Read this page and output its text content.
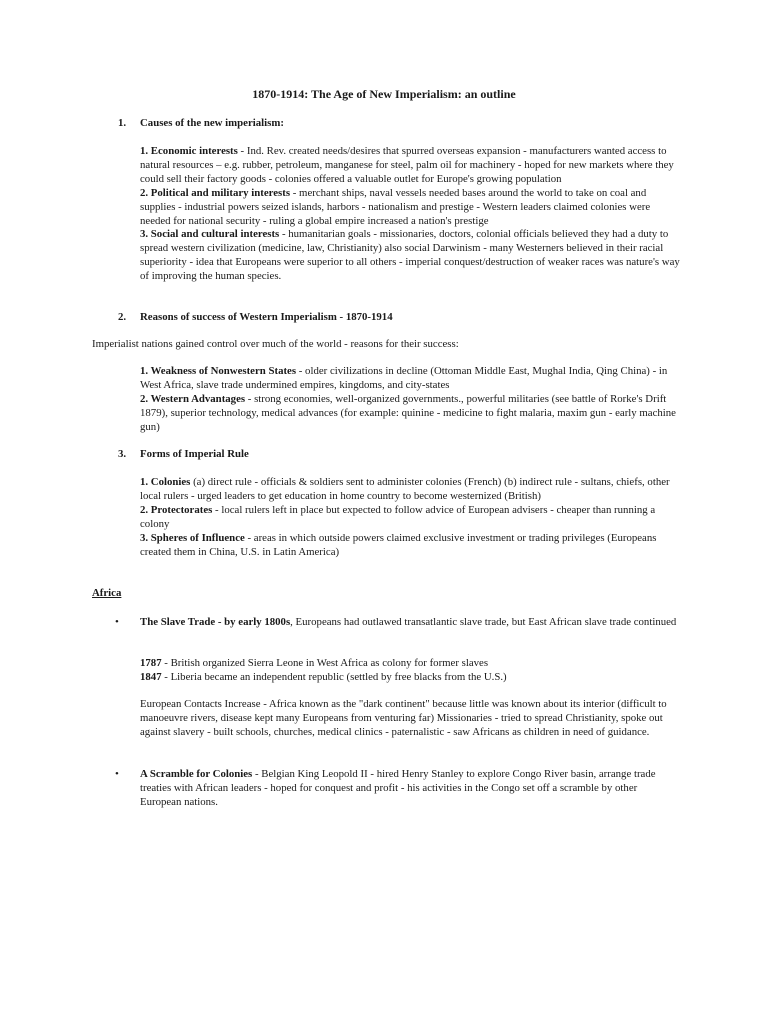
1870-1914: The Age of New Imperialism: an outline
1. Causes of the new imperialism:

1. Economic interests - Ind. Rev. created needs/desires that spurred overseas expansion - manufacturers wanted access to natural resources – e.g. rubber, petroleum, manganese for steel, palm oil for machinery - hoped for new markets where they could sell their factory goods - colonies offered a valuable outlet for Europe's growing population

2. Political and military interests - merchant ships, naval vessels needed bases around the world to take on coal and supplies - industrial powers seized islands, harbors - nationalism and prestige - Western leaders claimed colonies were needed for national security - ruling a global empire increased a nation's prestige

3. Social and cultural interests - humanitarian goals - missionaries, doctors, colonial officials believed they had a duty to spread western civilization (medicine, law, Christianity) also social Darwinism - many Westerners believed in their racial superiority - idea that Europeans were superior to all others - imperial conquest/destruction of weaker races was nature's way of improving the human species.

2. Reasons of success of Western Imperialism - 1870-1914
Imperialist nations gained control over much of the world - reasons for their success:

1. Weakness of Nonwestern States - older civilizations in decline (Ottoman Middle East, Mughal India, Qing China) - in West Africa, slave trade undermined empires, kingdoms, and city-states

2. Western Advantages - strong economies, well-organized governments., powerful militaries (see battle of Rorke's Drift 1879), superior technology, medical advances (for example: quinine - medicine to fight malaria, maxim gun - early machine gun)

3. Forms of Imperial Rule

1. Colonies (a) direct rule - officials & soldiers sent to administer colonies (French) (b) indirect rule - sultans, chiefs, other local rulers - urged leaders to get education in home country to become westernized (British)

2. Protectorates - local rulers left in place but expected to follow advice of European advisers - cheaper than running a colony

3. Spheres of Influence - areas in which outside powers claimed exclusive investment or trading privileges (Europeans created them in China, U.S. in Latin America)

Africa
• The Slave Trade - by early 1800s, Europeans had outlawed transatlantic slave trade, but East African slave trade continued

1787 - British organized Sierra Leone in West Africa as colony for former slaves

1847 - Liberia became an independent republic (settled by free blacks from the U.S.)

European Contacts Increase - Africa known as the "dark continent" because little was known about its interior (difficult to manoeuvre rivers, disease kept many Europeans from venturing far) Missionaries - tried to spread Christianity, spoke out against slavery - built schools, churches, medical clinics - paternalistic - saw Africans as children in need of guidance.
• A Scramble for Colonies - Belgian King Leopold II - hired Henry Stanley to explore Congo River basin, arrange trade treaties with African leaders - hoped for conquest and profit - his activities in the Congo set off a scramble by other European nations.
